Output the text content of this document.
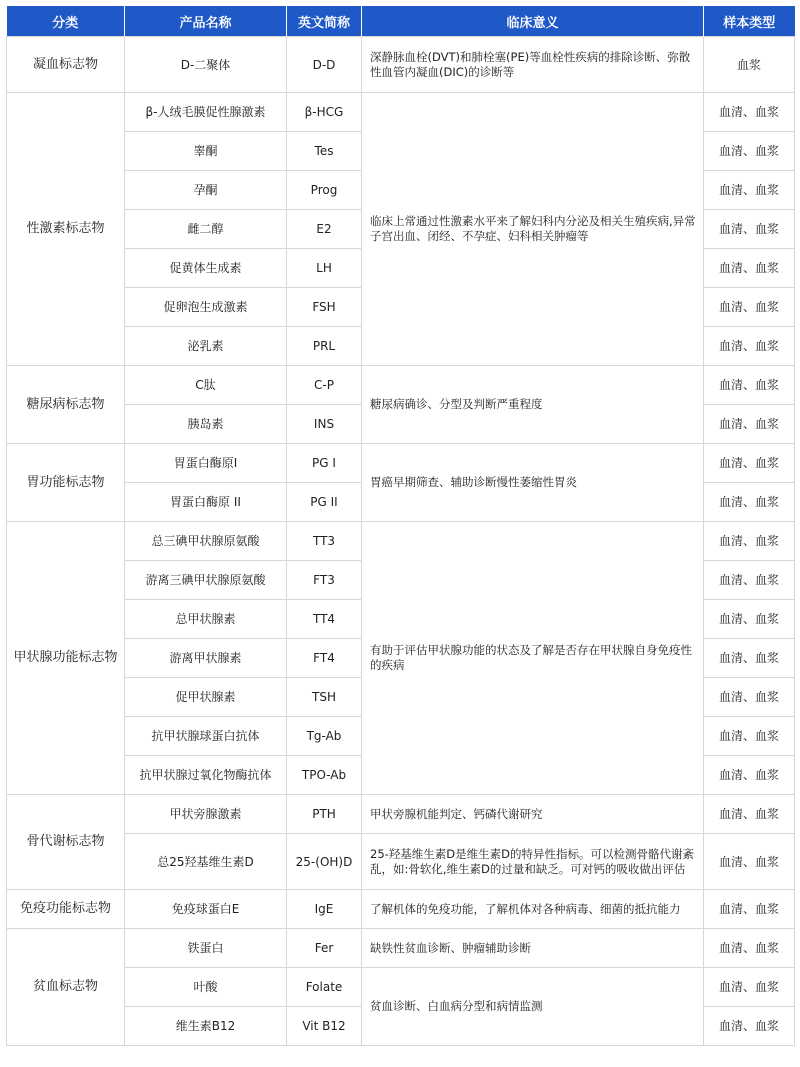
分类	产品名称	英文简称	临床意义	样本类型
凝血标志物	D-二聚体	D-D	深静脉血栓(DVT)和肺栓塞(PE)等血栓性疾病的排除诊断、弥散性血管内凝血(DIC)的诊断等	血浆
性激素标志物	β-人绒毛膜促性腺激素	β-HCG	临床上常通过性激素水平来了解妇科内分泌及相关生殖疾病,异常子宫出血、闭经、不孕症、妇科相关肿瘤等	血清、血浆
	睾酮	Tes		血清、血浆
	孕酮	Prog		血清、血浆
	雌二醇	E2		血清、血浆
	促黄体生成素	LH		血清、血浆
	促卵泡生成激素	FSH		血清、血浆
	泌乳素	PRL		血清、血浆
糖尿病标志物	C肽	C-P	糖尿病确诊、分型及判断严重程度	血清、血浆
	胰岛素	INS		血清、血浆
胃功能标志物	胃蛋白酶原I	PG I	胃癌早期筛查、辅助诊断慢性萎缩性胃炎	血清、血浆
	胃蛋白酶原 II	PG II		血清、血浆
甲状腺功能标志物	总三碘甲状腺原氨酸	TT3	有助于评估甲状腺功能的状态及了解是否存在甲状腺自身免疫性的疾病	血清、血浆
	游离三碘甲状腺原氨酸	FT3		血清、血浆
	总甲状腺素	TT4		血清、血浆
	游离甲状腺素	FT4		血清、血浆
	促甲状腺素	TSH		血清、血浆
	抗甲状腺球蛋白抗体	Tg-Ab		血清、血浆
	抗甲状腺过氧化物酶抗体	TPO-Ab		血清、血浆
骨代谢标志物	甲状旁腺激素	PTH	甲状旁腺机能判定、钙磷代谢研究	血清、血浆
	总25羟基维生素D	25-(OH)D	25-羟基维生素D是维生素D的特异性指标。可以检测骨骼代谢紊乱，如:骨软化,维生素D的过量和缺乏。可对钙的吸收做出评估	血清、血浆
免疫功能标志物	免疫球蛋白E	IgE	了解机体的免疫功能，了解机体对各种病毒、细菌的抵抗能力	血清、血浆
贫血标志物	铁蛋白	Fer	缺铁性贫血诊断、肿瘤辅助诊断	血清、血浆
	叶酸	Folate	贫血诊断、白血病分型和病情监测	血清、血浆
	维生素B12	Vit B12		血清、血浆
